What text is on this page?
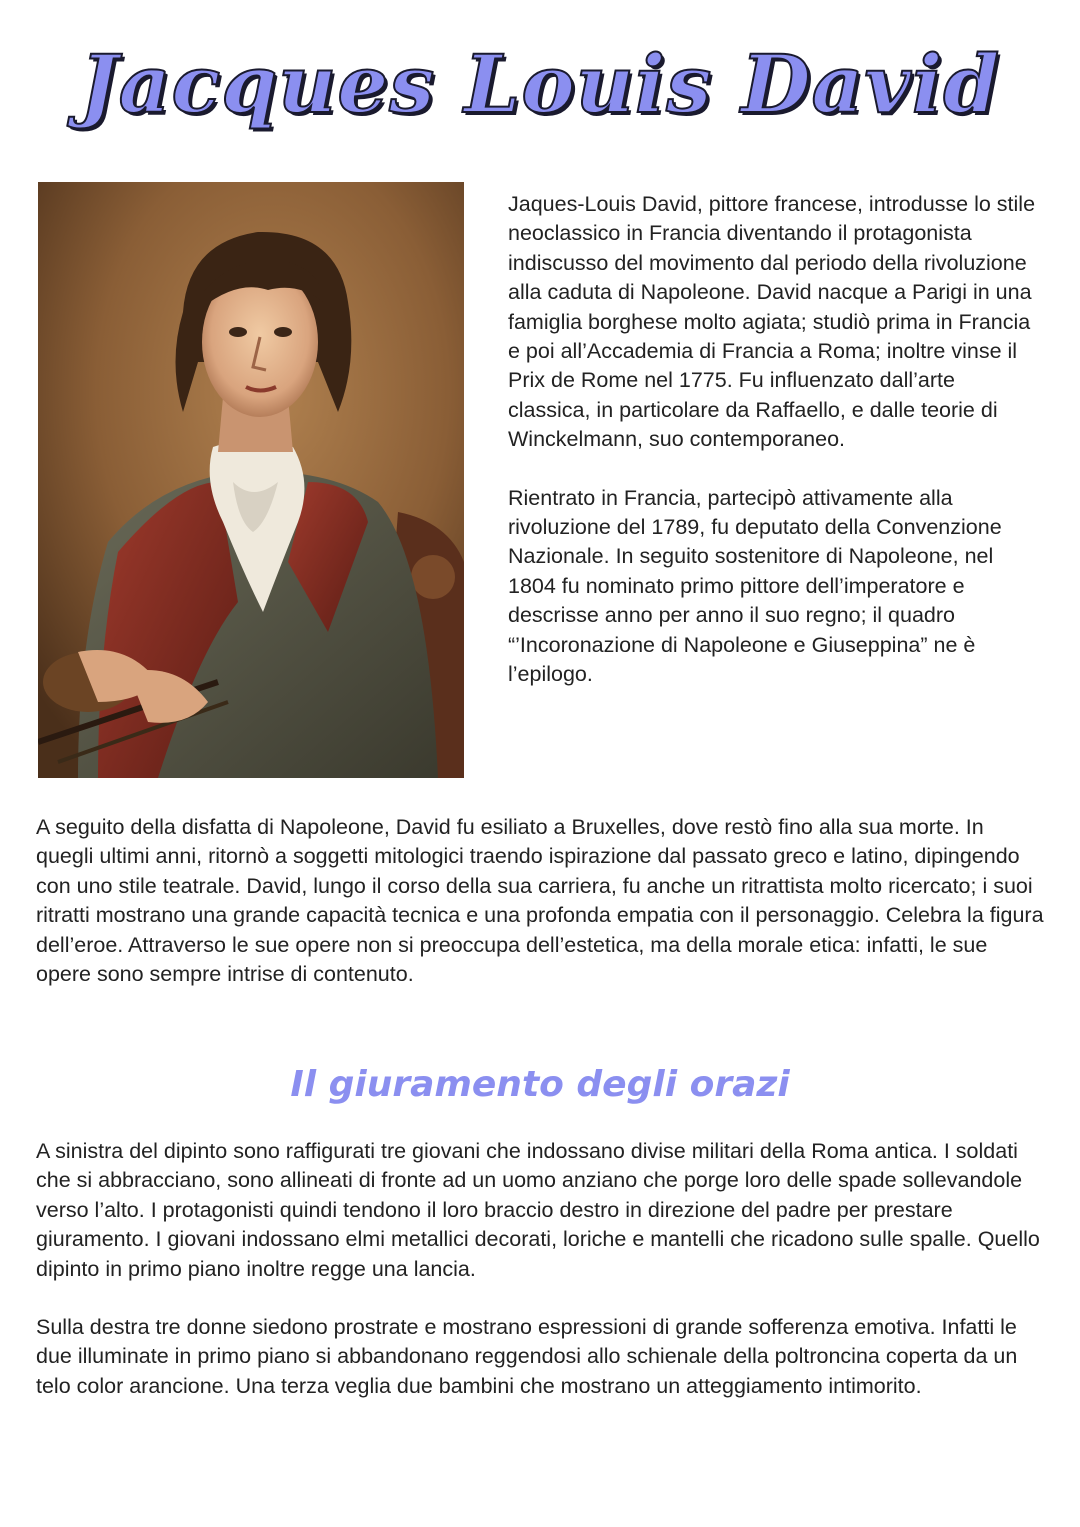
Jacques Louis David

Jaques-Louis David, pittore francese, introdusse lo stile neoclassico in Francia diventando il protagonista indiscusso del movimento dal periodo della rivoluzione alla caduta di Napoleone. David nacque a Parigi in una famiglia borghese molto agiata; studiò prima in Francia e poi all’Accademia di Francia a Roma; inoltre vinse il Prix de Rome nel 1775. Fu influenzato dall’arte classica, in particolare da Raffaello, e dalle teorie di Winckelmann, suo contemporaneo.

Rientrato in Francia, partecipò attivamente alla rivoluzione del 1789, fu deputato della Convenzione Nazionale. In seguito sostenitore di Napoleone, nel 1804 fu nominato primo pittore dell’imperatore e descrisse anno per anno il suo regno; il quadro “’Incoronazione di Napoleone e Giuseppina” ne è l’epilogo.

A seguito della disfatta di Napoleone, David fu esiliato a Bruxelles, dove restò fino alla sua morte. In quegli ultimi anni, ritornò a soggetti mitologici traendo ispirazione dal passato greco e latino, dipingendo con uno stile teatrale. David, lungo il corso della sua carriera, fu anche un ritrattista molto ricercato; i suoi ritratti mostrano una grande capacità tecnica e una profonda empatia con il personaggio. Celebra la figura dell’eroe. Attraverso le sue opere non si preoccupa dell’estetica, ma della morale etica: infatti, le sue opere sono sempre intrise di contenuto.

Il giuramento degli orazi

A sinistra del dipinto sono raffigurati tre giovani che indossano divise militari della Roma antica. I soldati che si abbracciano, sono allineati di fronte ad un uomo anziano che porge loro delle spade sollevandole verso l’alto. I protagonisti quindi tendono il loro braccio destro in direzione del padre per prestare giuramento. I giovani indossano elmi metallici decorati, loriche e mantelli che ricadono sulle spalle. Quello dipinto in primo piano inoltre regge una lancia.

Sulla destra tre donne siedono prostrate e mostrano espressioni di grande sofferenza emotiva. Infatti le due illuminate in primo piano si abbandonano reggendosi allo schienale della poltroncina coperta da un telo color arancione. Una terza veglia due bambini che mostrano un atteggiamento intimorito.
